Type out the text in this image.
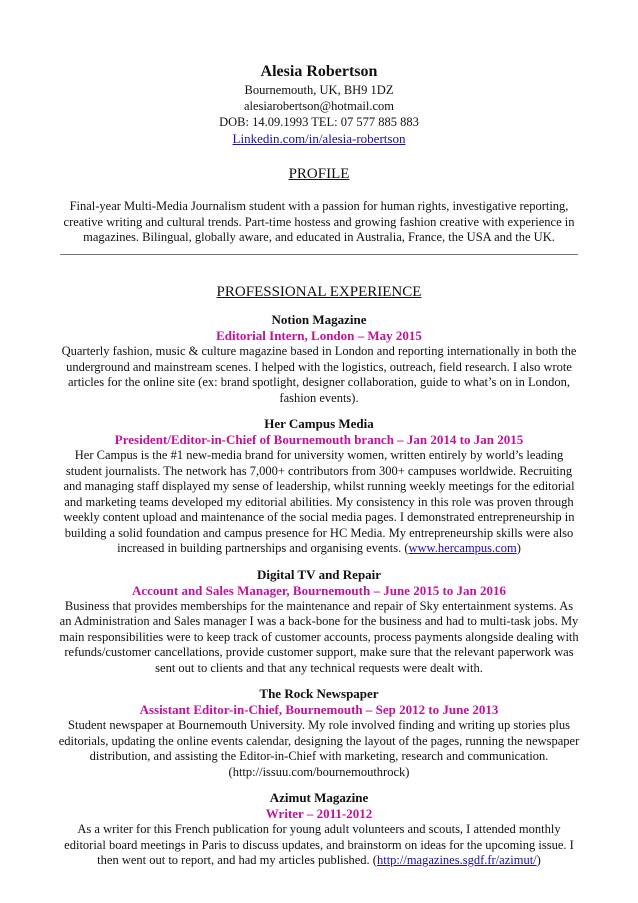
Alesia Robertson
Bournemouth, UK, BH9 1DZ
alesiarobertson@hotmail.com
DOB: 14.09.1993 TEL: 07 577 885 883
Linkedin.com/in/alesia-robertson
PROFILE
Final-year Multi-Media Journalism student with a passion for human rights, investigative reporting, creative writing and cultural trends. Part-time hostess and growing fashion creative with experience in magazines. Bilingual, globally aware, and educated in Australia, France, the USA and the UK.
PROFESSIONAL EXPERIENCE
Notion Magazine
Editorial Intern, London – May 2015
Quarterly fashion, music & culture magazine based in London and reporting internationally in both the underground and mainstream scenes. I helped with the logistics, outreach, field research. I also wrote articles for the online site (ex: brand spotlight, designer collaboration, guide to what’s on in London, fashion events).
Her Campus Media
President/Editor-in-Chief of Bournemouth branch – Jan 2014 to Jan 2015
Her Campus is the #1 new-media brand for university women, written entirely by world’s leading student journalists. The network has 7,000+ contributors from 300+ campuses worldwide. Recruiting and managing staff displayed my sense of leadership, whilst running weekly meetings for the editorial and marketing teams developed my editorial abilities. My consistency in this role was proven through weekly content upload and maintenance of the social media pages. I demonstrated entrepreneurship in building a solid foundation and campus presence for HC Media. My entrepreneurship skills were also increased in building partnerships and organising events. (www.hercampus.com)
Digital TV and Repair
Account and Sales Manager, Bournemouth – June 2015 to Jan 2016
Business that provides memberships for the maintenance and repair of Sky entertainment systems. As an Administration and Sales manager I was a back-bone for the business and had to multi-task jobs. My main responsibilities were to keep track of customer accounts, process payments alongside dealing with refunds/customer cancellations, provide customer support, make sure that the relevant paperwork was sent out to clients and that any technical requests were dealt with.
The Rock Newspaper
Assistant Editor-in-Chief, Bournemouth – Sep 2012 to June 2013
Student newspaper at Bournemouth University. My role involved finding and writing up stories plus editorials, updating the online events calendar, designing the layout of the pages, running the newspaper distribution, and assisting the Editor-in-Chief with marketing, research and communication. (http://issuu.com/bournemouthrock)
Azimut Magazine
Writer – 2011-2012
As a writer for this French publication for young adult volunteers and scouts, I attended monthly editorial board meetings in Paris to discuss updates, and brainstorm on ideas for the upcoming issue. I then went out to report, and had my articles published. (http://magazines.sgdf.fr/azimut/)
